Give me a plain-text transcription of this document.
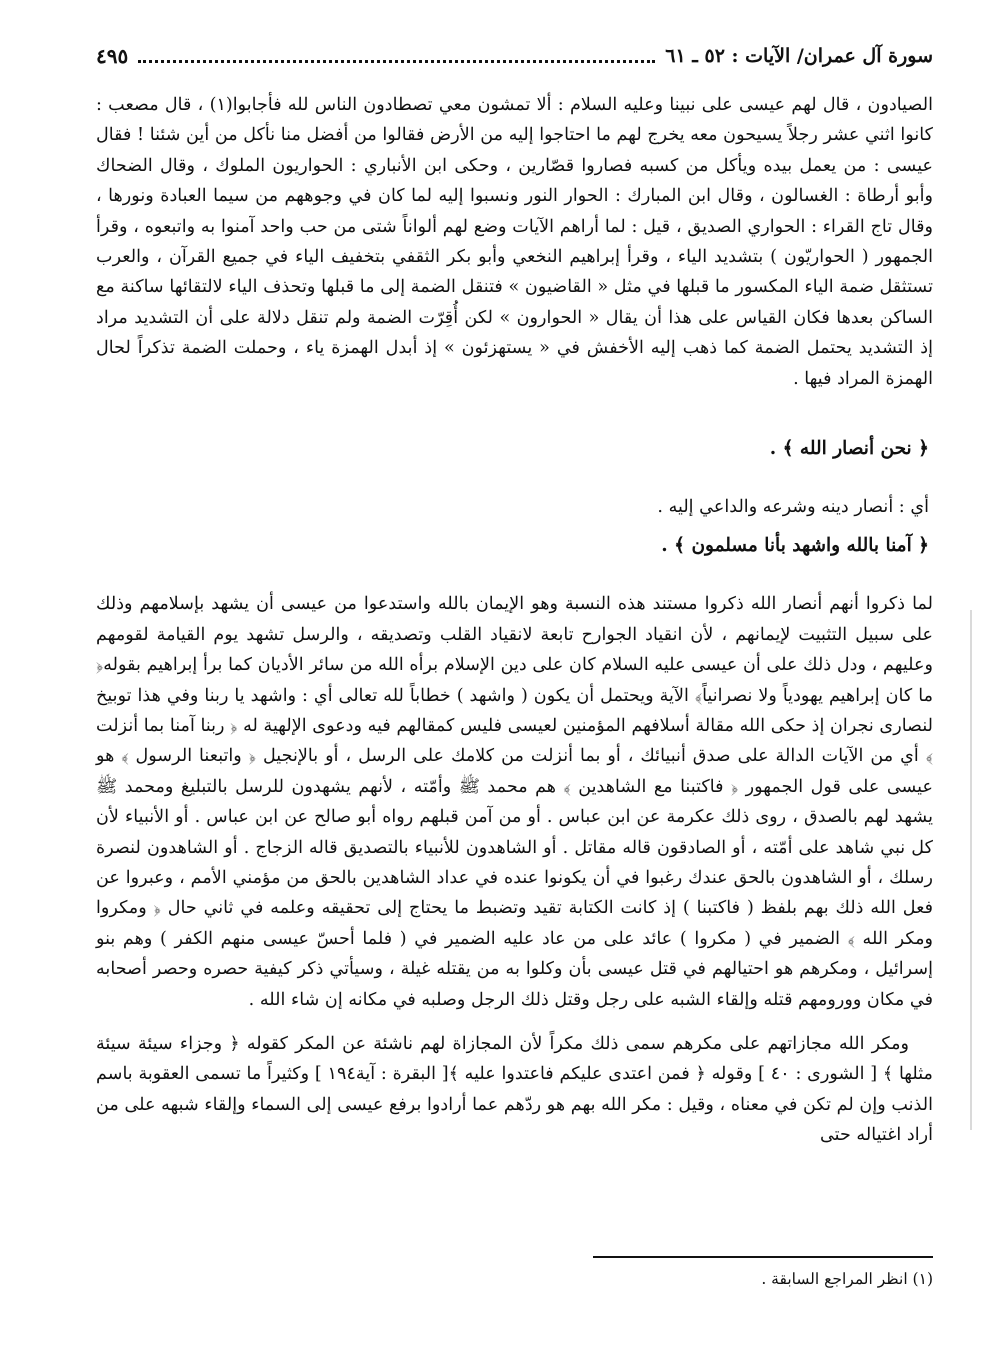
سورة آل عمران/ الآيات : ٥٢ ـ ٦١
٤٩٥

الصيادون ، قال لهم عيسى على نبينا وعليه السلام : ألا تمشون معي تصطادون الناس لله فأجابوا(١) ، قال مصعب : كانوا اثني عشر رجلاً يسيحون معه يخرج لهم ما احتاجوا إليه من الأرض فقالوا من أفضل منا نأكل من أين شئنا ! فقال عيسى : من يعمل بيده ويأكل من كسبه فصاروا قصّارين ، وحكى ابن الأنباري : الحواريون الملوك ، وقال الضحاك وأبو أرطاة : الغسالون ، وقال ابن المبارك : الحوار النور ونسبوا إليه لما كان في وجوههم من سيما العبادة ونورها ، وقال تاج القراء : الحواري الصديق ، قيل : لما أراهم الآيات وضع لهم ألواناً شتى من حب واحد آمنوا به واتبعوه ، وقرأ الجمهور ( الحواريّون ) بتشديد الياء ، وقرأ إبراهيم النخعي وأبو بكر الثقفي بتخفيف الياء في جميع القرآن ، والعرب تستثقل ضمة الياء المكسور ما قبلها في مثل « القاضيون » فتنقل الضمة إلى ما قبلها وتحذف الياء لالتقائها ساكنة مع الساكن بعدها فكان القياس على هذا أن يقال « الحوارون » لكن أُقِرّت الضمة ولم تنقل دلالة على أن التشديد مراد إذ التشديد يحتمل الضمة كما ذهب إليه الأخفش في « يستهزئون » إذ أبدل الهمزة ياء ، وحملت الضمة تذكراً لحال الهمزة المراد فيها .

﴿ نحن أنصار الله ﴾ .

أي : أنصار دينه وشرعه والداعي إليه .

﴿ آمنا بالله واشهد بأنا مسلمون ﴾ .

لما ذكروا أنهم أنصار الله ذكروا مستند هذه النسبة وهو الإيمان بالله واستدعوا من عيسى أن يشهد بإسلامهم وذلك على سبيل التثبيت لإيمانهم ، لأن انقياد الجوارح تابعة لانقياد القلب وتصديقه ، والرسل تشهد يوم القيامة لقومهم وعليهم ، ودل ذلك على أن عيسى عليه السلام كان على دين الإسلام برأه الله من سائر الأديان كما برأ إبراهيم بقوله﴿ ما كان إبراهيم يهودياً ولا نصرانياً﴾ الآية ويحتمل أن يكون ( واشهد ) خطاباً لله تعالى أي : واشهد يا ربنا وفي هذا توبيخ لنصارى نجران إذ حكى الله مقالة أسلافهم المؤمنين لعيسى فليس كمقالهم فيه ودعوى الإلهية له ﴿ ربنا آمنا بما أنزلت ﴾ أي من الآيات الدالة على صدق أنبيائك ، أو بما أنزلت من كلامك على الرسل ، أو بالإنجيل ﴿ واتبعنا الرسول ﴾ هو عيسى على قول الجمهور ﴿ فاكتبنا مع الشاهدين ﴾ هم محمد ﷺ وأمّته ، لأنهم يشهدون للرسل بالتبليغ ومحمد ﷺ يشهد لهم بالصدق ، روى ذلك عكرمة عن ابن عباس . أو من آمن قبلهم رواه أبو صالح عن ابن عباس . أو الأنبياء لأن كل نبي شاهد على أمّته ، أو الصادقون قاله مقاتل . أو الشاهدون للأنبياء بالتصديق قاله الزجاج . أو الشاهدون لنصرة رسلك ، أو الشاهدون بالحق عندك رغبوا في أن يكونوا عنده في عداد الشاهدين بالحق من مؤمني الأمم ، وعبروا عن فعل الله ذلك بهم بلفظ ( فاكتبنا ) إذ كانت الكتابة تقيد وتضبط ما يحتاج إلى تحقيقه وعلمه في ثاني حال ﴿ ومكروا ومكر الله ﴾ الضمير في ( مكروا ) عائد على من عاد عليه الضمير في ( فلما أحسّ عيسى منهم الكفر ) وهم بنو إسرائيل ، ومكرهم هو احتيالهم في قتل عيسى بأن وكلوا به من يقتله غيلة ، وسيأتي ذكر كيفية حصره وحصر أصحابه في مكان وورومهم قتله وإلقاء الشبه على رجل وقتل ذلك الرجل وصلبه في مكانه إن شاء الله .

ومكر الله مجازاتهم على مكرهم سمى ذلك مكراً لأن المجازاة لهم ناشئة عن المكر كقوله ﴿ وجزاء سيئة سيئة مثلها ﴾ [ الشورى : ٤٠ ] وقوله ﴿ فمن اعتدى عليكم فاعتدوا عليه ﴾[ البقرة : آية١٩٤ ] وكثيراً ما تسمى العقوبة باسم الذنب وإن لم تكن في معناه ، وقيل : مكر الله بهم هو ردّهم عما أرادوا برفع عيسى إلى السماء وإلقاء شبهه على من أراد اغتياله حتى

(١) انظر المراجع السابقة .
